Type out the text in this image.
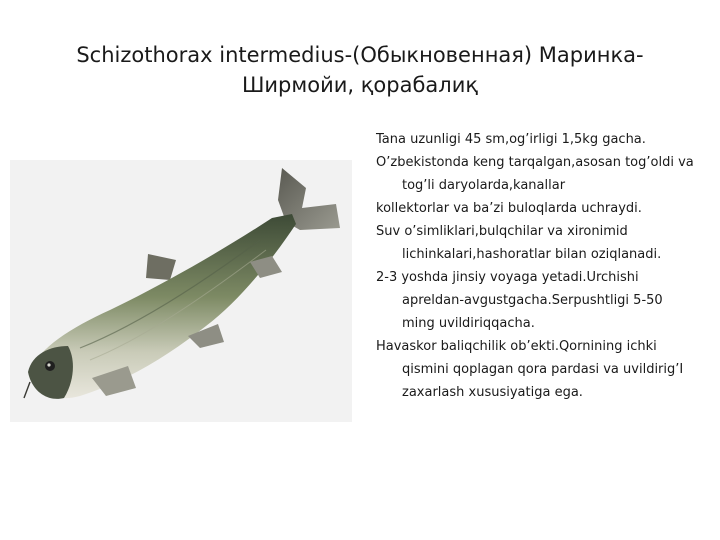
Schizothorax intermedius-(Обыкновенная) Маринка-
Ширмойи, қорабалиқ

Tana uzunligi 45 sm,og’irligi 1,5kg gacha.

O’zbekistonda keng tarqalgan,asosan tog’oldi va tog’li daryolarda,kanallar

kollektorlar va ba’zi buloqlarda uchraydi.

Suv o’simliklari,bulqchilar va xironimid lichinkalari,hashoratlar bilan oziqlanadi.

2-3 yoshda jinsiy voyaga yetadi.Urchishi apreldan-avgustgacha.Serpushtligi 5-50 ming uvildiriqqacha.

Havaskor baliqchilik ob’ekti.Qornining ichki qismini qoplagan qora pardasi va uvildirig’I zaxarlash xususiyatiga ega.
